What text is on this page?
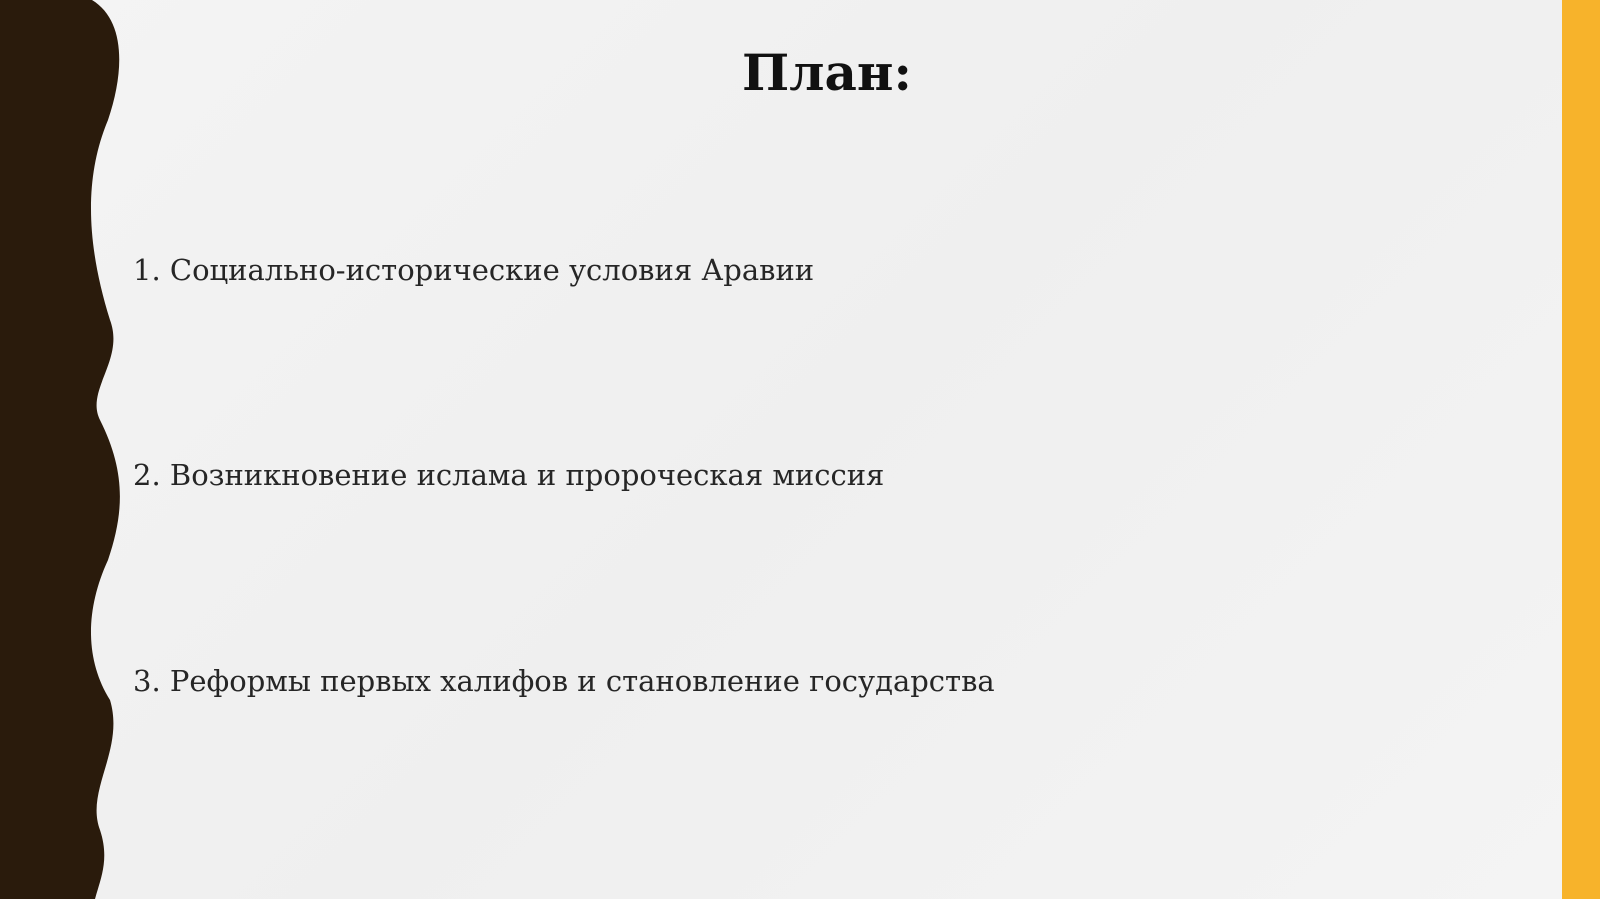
План:
1. Социально-исторические условия Аравии
2. Возникновение ислама и пророческая миссия
3. Реформы первых халифов и становление государства
